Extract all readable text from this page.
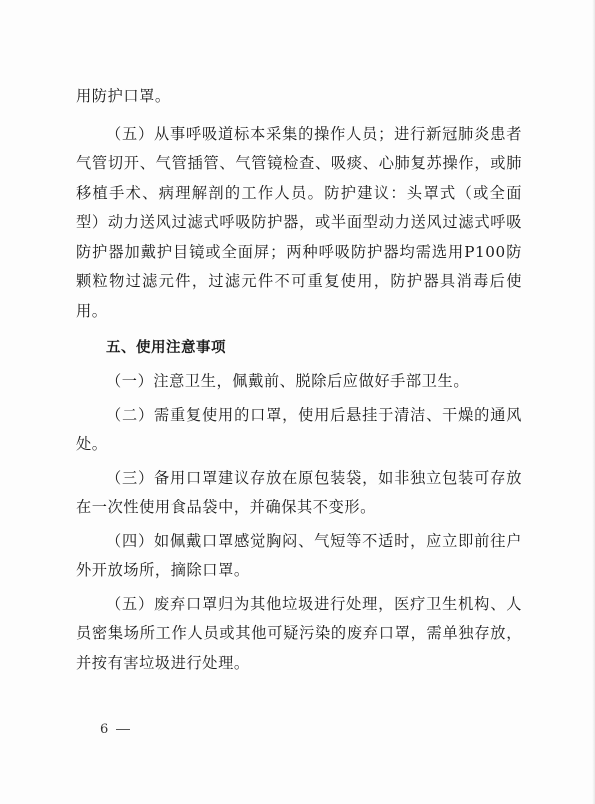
用防护口罩。

（五）从事呼吸道标本采集的操作人员；进行新冠肺炎患者气管切开、气管插管、气管镜检查、吸痰、心肺复苏操作，或肺移植手术、病理解剖的工作人员。防护建议：头罩式（或全面型）动力送风过滤式呼吸防护器，或半面型动力送风过滤式呼吸防护器加戴护目镜或全面屏；两种呼吸防护器均需选用P100防颗粒物过滤元件，过滤元件不可重复使用，防护器具消毒后使用。

五、使用注意事项

（一）注意卫生，佩戴前、脱除后应做好手部卫生。

（二）需重复使用的口罩，使用后悬挂于清洁、干燥的通风处。

（三）备用口罩建议存放在原包装袋，如非独立包装可存放在一次性使用食品袋中，并确保其不变形。

（四）如佩戴口罩感觉胸闷、气短等不适时，应立即前往户外开放场所，摘除口罩。

（五）废弃口罩归为其他垃圾进行处理，医疗卫生机构、人员密集场所工作人员或其他可疑污染的废弃口罩，需单独存放，并按有害垃圾进行处理。

6
